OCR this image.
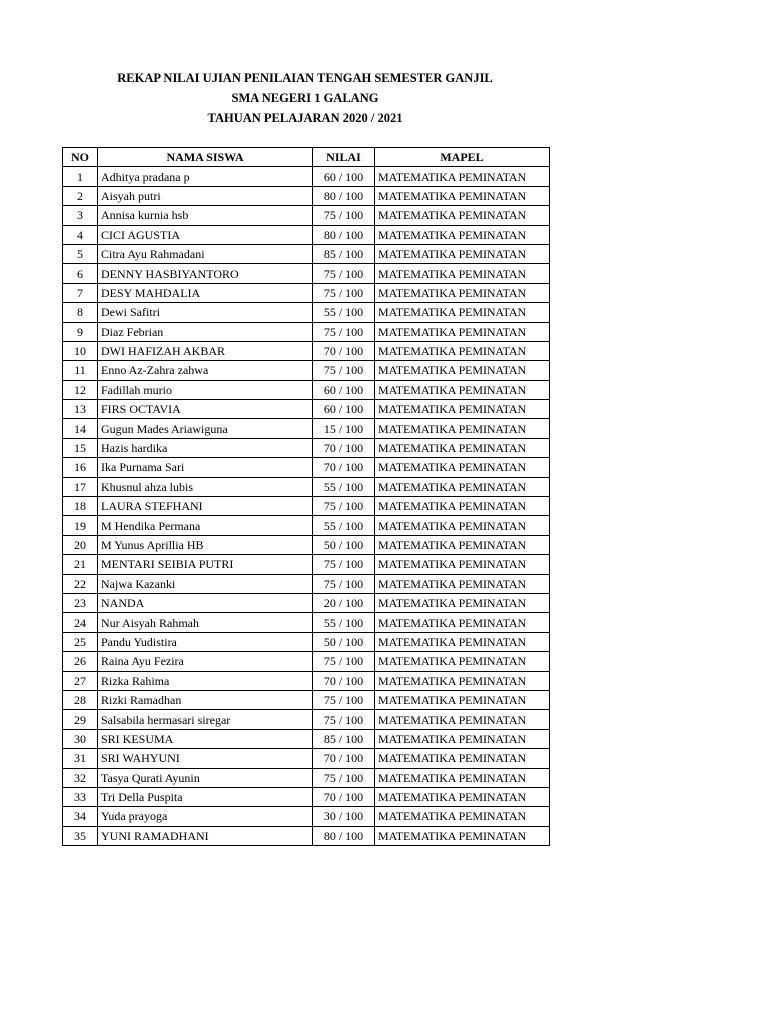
REKAP NILAI UJIAN PENILAIAN TENGAH SEMESTER GANJIL
SMA NEGERI 1 GALANG
TAHUAN PELAJARAN 2020 / 2021
NO	NAMA SISWA	NILAI	MAPEL
1	Adhitya pradana p	60 / 100	MATEMATIKA PEMINATAN
2	Aisyah putri	80 / 100	MATEMATIKA PEMINATAN
3	Annisa kurnia hsb	75 / 100	MATEMATIKA PEMINATAN
4	CICI AGUSTIA	80 / 100	MATEMATIKA PEMINATAN
5	Citra Ayu Rahmadani	85 / 100	MATEMATIKA PEMINATAN
6	DENNY HASBIYANTORO	75 / 100	MATEMATIKA PEMINATAN
7	DESY MAHDALIA	75 / 100	MATEMATIKA PEMINATAN
8	Dewi Safitri	55 / 100	MATEMATIKA PEMINATAN
9	Diaz Febrian	75 / 100	MATEMATIKA PEMINATAN
10	DWI HAFIZAH AKBAR	70 / 100	MATEMATIKA PEMINATAN
11	Enno Az-Zahra zahwa	75 / 100	MATEMATIKA PEMINATAN
12	Fadillah murio	60 / 100	MATEMATIKA PEMINATAN
13	FIRS OCTAVIA	60 / 100	MATEMATIKA PEMINATAN
14	Gugun Mades Ariawiguna	15 / 100	MATEMATIKA PEMINATAN
15	Hazis hardika	70 / 100	MATEMATIKA PEMINATAN
16	Ika Purnama Sari	70 / 100	MATEMATIKA PEMINATAN
17	Khusnul ahza lubis	55 / 100	MATEMATIKA PEMINATAN
18	LAURA STEFHANI	75 / 100	MATEMATIKA PEMINATAN
19	M Hendika Permana	55 / 100	MATEMATIKA PEMINATAN
20	M Yunus Aprillia HB	50 / 100	MATEMATIKA PEMINATAN
21	MENTARI SEIBIA PUTRI	75 / 100	MATEMATIKA PEMINATAN
22	Najwa Kazanki	75 / 100	MATEMATIKA PEMINATAN
23	NANDA	20 / 100	MATEMATIKA PEMINATAN
24	Nur Aisyah Rahmah	55 / 100	MATEMATIKA PEMINATAN
25	Pandu Yudistira	50 / 100	MATEMATIKA PEMINATAN
26	Raina Ayu Fezira	75 / 100	MATEMATIKA PEMINATAN
27	Rizka Rahima	70 / 100	MATEMATIKA PEMINATAN
28	Rizki Ramadhan	75 / 100	MATEMATIKA PEMINATAN
29	Salsabila hermasari siregar	75 / 100	MATEMATIKA PEMINATAN
30	SRI KESUMA	85 / 100	MATEMATIKA PEMINATAN
31	SRI WAHYUNI	70 / 100	MATEMATIKA PEMINATAN
32	Tasya Qurati Ayunin	75 / 100	MATEMATIKA PEMINATAN
33	Tri Della Puspita	70 / 100	MATEMATIKA PEMINATAN
34	Yuda prayoga	30 / 100	MATEMATIKA PEMINATAN
35	YUNI RAMADHANI	80 / 100	MATEMATIKA PEMINATAN
